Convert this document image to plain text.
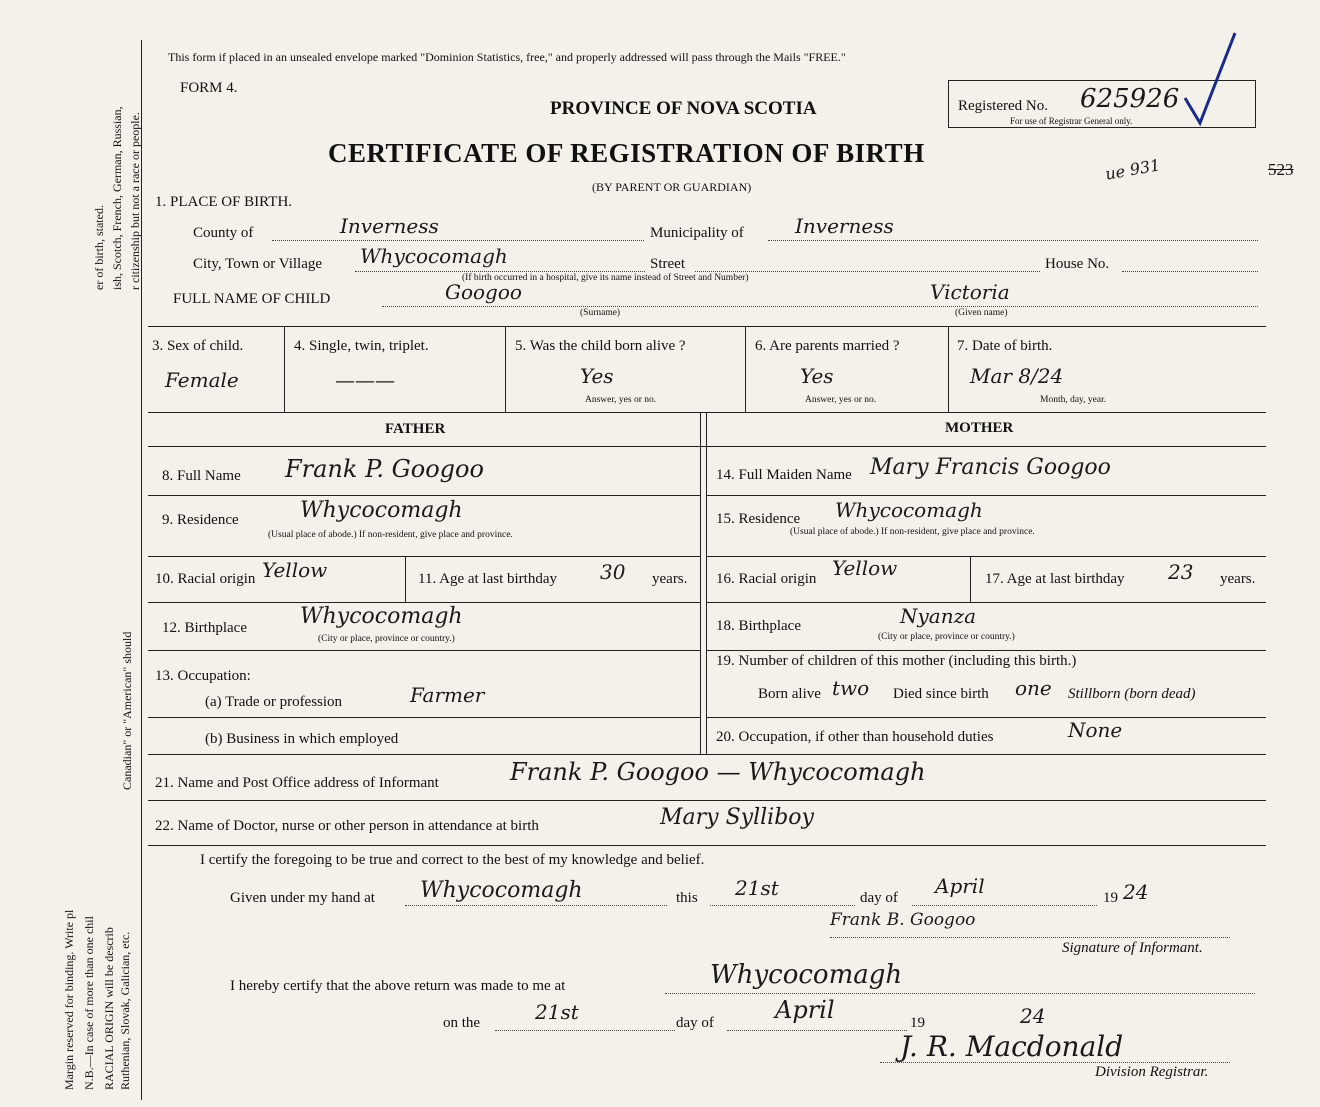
Margin reserved for binding. Write pl N.B.—In case of more than one chil RACIAL ORIGIN will be describ Ruthenian, Slovak, Galician, etc.
Canadian" or "American" should
ish, Scotch, French, German, Russian, r citizenship but not a race or people.
er of birth, stated.
This form if placed in an unsealed envelope marked "Dominion Statistics, free," and properly addressed will pass through the Mails "FREE."
FORM 4.
PROVINCE OF NOVA SCOTIA
CERTIFICATE OF REGISTRATION OF BIRTH
(BY PARENT OR GUARDIAN)
Registered No. 625926
For use of Registrar General only.
ue 931	523
1. PLACE OF BIRTH.
County of	Inverness	Municipality of	Inverness
City, Town or Village Whycocomagh	Street	House No.
(If birth occurred in a hospital, give its name instead of Street and Number)
FULL NAME OF CHILD	Googoo	Victoria
(Surname)	(Given name)
3. Sex of child.
Female
4. Single, twin, triplet.
———
5. Was the child born alive ?
Yes
Answer, yes or no.
6. Are parents married ?
Yes
Answer, yes or no.
7. Date of birth.
Mar 8/24
Month, day, year.
FATHER	MOTHER
8. Full Name Frank P. Googoo
9. Residence	Whycocomagh
(Usual place of abode.) If non-resident, give place and province.
10. Racial origin Yellow	11. Age at last birthday 30 years.
12. Birthplace Whycocomagh
(City or place, province or country.)
13. Occupation:
(a) Trade or profession	Farmer
(b) Business in which employed
14. Full Maiden Name Mary Francis Googoo
15. Residence Whycocomagh
(Usual place of abode.) If non-resident, give place and province.
16. Racial origin Yellow	17. Age at last birthday 23 years.
18. Birthplace	Nyanza
(City or place, province or country.)
19. Number of children of this mother (including this birth.)
Born alive two Died since birth one Stillborn (born dead)
20. Occupation, if other than household duties	None
21. Name and Post Office address of Informant	Frank P. Googoo — Whycocomagh
22. Name of Doctor, nurse or other person in attendance at birth	Mary Sylliboy
I certify the foregoing to be true and correct to the best of my knowledge and belief.
Given under my hand at Whycocomagh	this 21st	day of April	19 24
Frank B. Googoo
Signature of Informant.
I hereby certify that the above return was made to me at	Whycocomagh
on the	21st	day of	April	19	24
J. R. Macdonald
Division Registrar.
